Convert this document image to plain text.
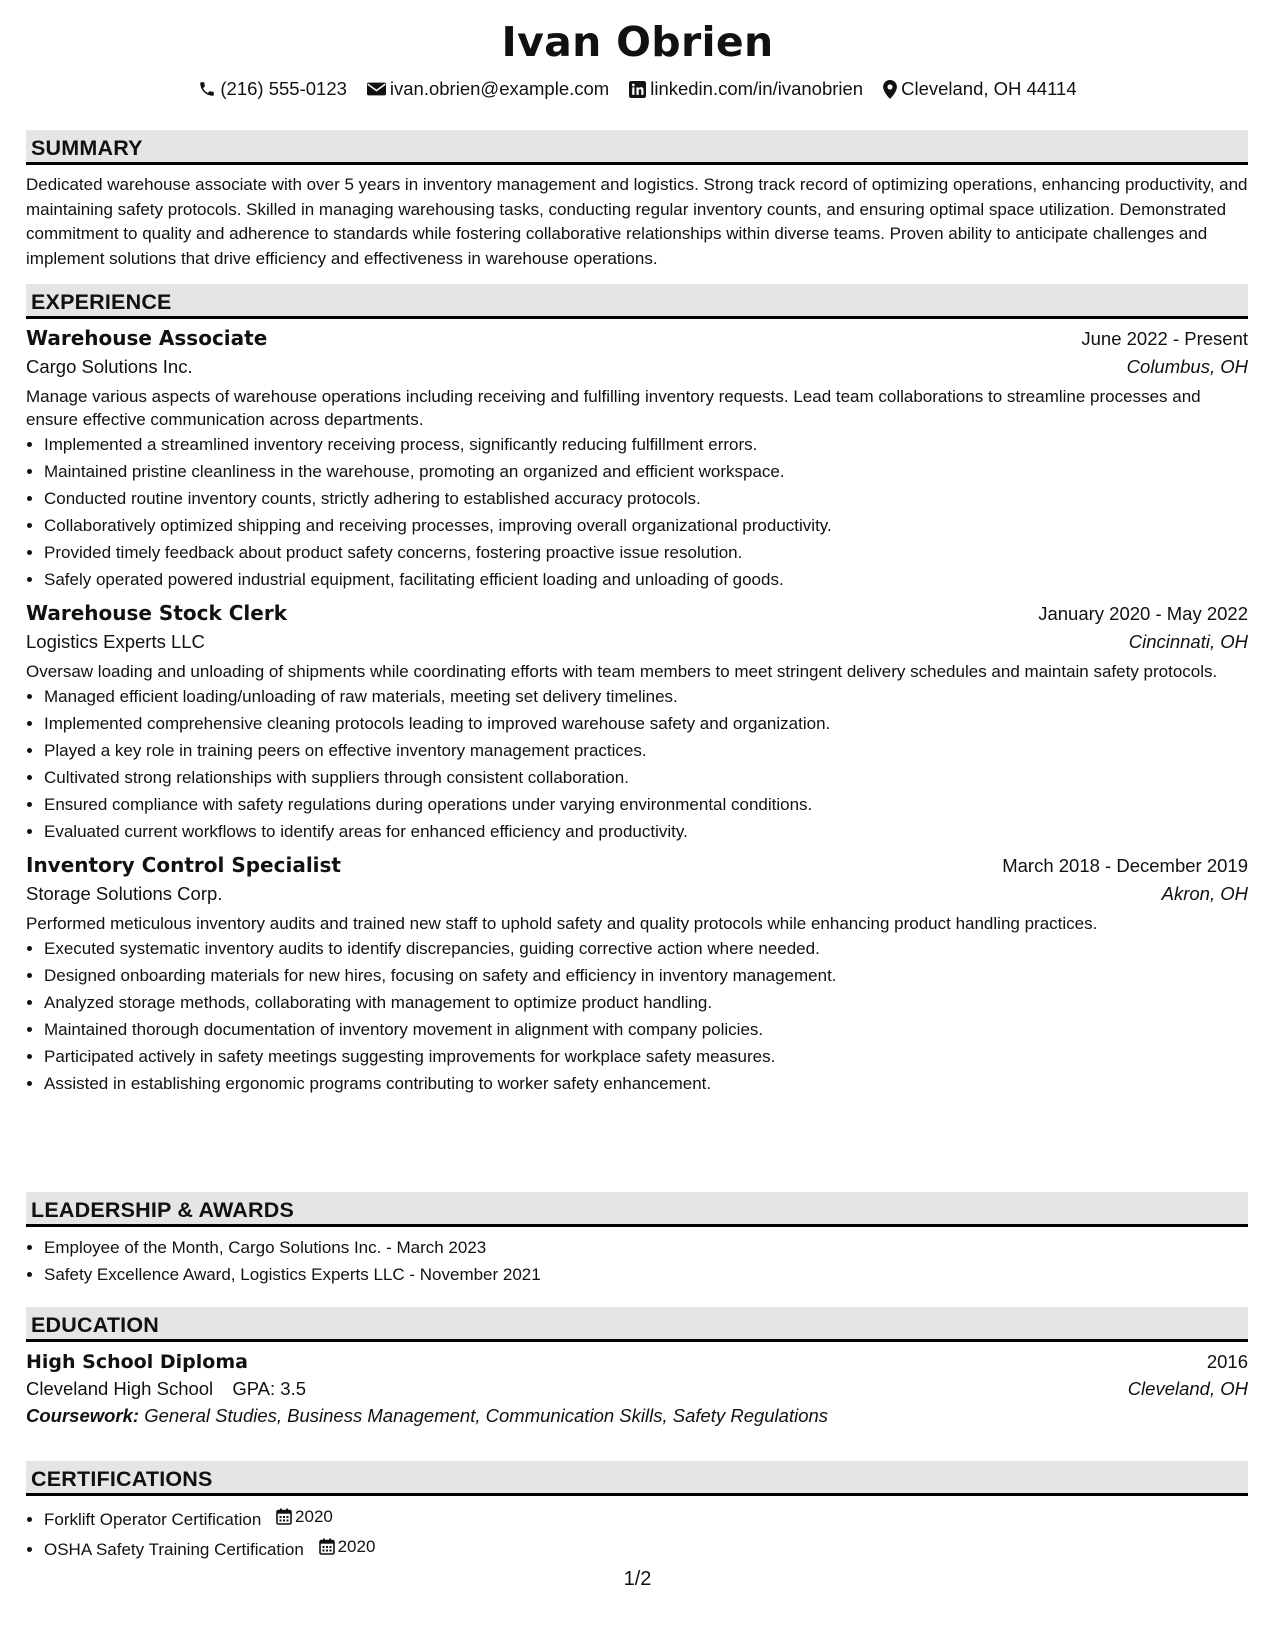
Ivan Obrien
(216) 555-0123 ivan.obrien@example.com linkedin.com/in/ivanobrien Cleveland, OH 44114
SUMMARY

Dedicated warehouse associate with over 5 years in inventory management and logistics. Strong track record of optimizing operations, enhancing productivity, and maintaining safety protocols. Skilled in managing warehousing tasks, conducting regular inventory counts, and ensuring optimal space utilization. Demonstrated commitment to quality and adherence to standards while fostering collaborative relationships within diverse teams. Proven ability to anticipate challenges and implement solutions that drive efficiency and effectiveness in warehouse operations.

EXPERIENCE
Warehouse Associate	June 2022 - Present
Cargo Solutions Inc.	Columbus, OH

Manage various aspects of warehouse operations including receiving and fulfilling inventory requests. Lead team collaborations to streamline processes and ensure effective communication across departments.

• Implemented a streamlined inventory receiving process, significantly reducing fulfillment errors.
• Maintained pristine cleanliness in the warehouse, promoting an organized and efficient workspace.
• Conducted routine inventory counts, strictly adhering to established accuracy protocols.
• Collaboratively optimized shipping and receiving processes, improving overall organizational productivity.
• Provided timely feedback about product safety concerns, fostering proactive issue resolution.
• Safely operated powered industrial equipment, facilitating efficient loading and unloading of goods.
Warehouse Stock Clerk	January 2020 - May 2022
Logistics Experts LLC	Cincinnati, OH

Oversaw loading and unloading of shipments while coordinating efforts with team members to meet stringent delivery schedules and maintain safety protocols.

• Managed efficient loading/unloading of raw materials, meeting set delivery timelines.
• Implemented comprehensive cleaning protocols leading to improved warehouse safety and organization.
• Played a key role in training peers on effective inventory management practices.
• Cultivated strong relationships with suppliers through consistent collaboration.
• Ensured compliance with safety regulations during operations under varying environmental conditions.
• Evaluated current workflows to identify areas for enhanced efficiency and productivity.
Inventory Control Specialist	March 2018 - December 2019
Storage Solutions Corp.	Akron, OH

Performed meticulous inventory audits and trained new staff to uphold safety and quality protocols while enhancing product handling practices.

• Executed systematic inventory audits to identify discrepancies, guiding corrective action where needed.
• Designed onboarding materials for new hires, focusing on safety and efficiency in inventory management.
• Analyzed storage methods, collaborating with management to optimize product handling.
• Maintained thorough documentation of inventory movement in alignment with company policies.
• Participated actively in safety meetings suggesting improvements for workplace safety measures.
• Assisted in establishing ergonomic programs contributing to worker safety enhancement.
LEADERSHIP & AWARDS
• Employee of the Month, Cargo Solutions Inc. - March 2023
• Safety Excellence Award, Logistics Experts LLC - November 2021
EDUCATION
High School Diploma	2016
Cleveland High School GPA: 3.5	Cleveland, OH
Coursework: General Studies, Business Management, Communication Skills, Safety Regulations
CERTIFICATIONS
• Forklift Operator Certification 2020
• OSHA Safety Training Certification 2020
1/2
